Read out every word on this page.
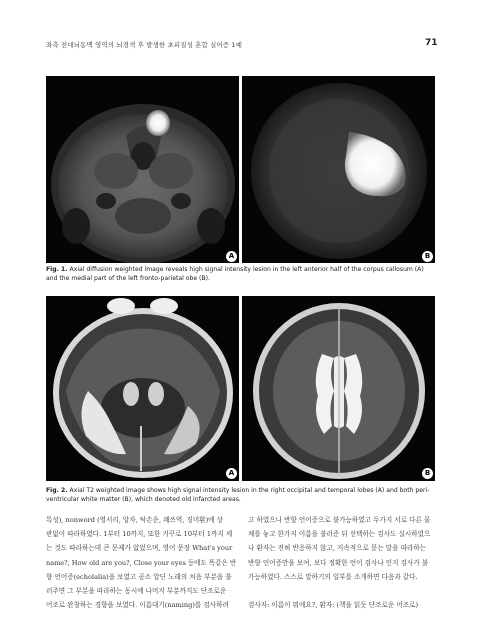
좌측 전대뇌동맥 영역의 뇌경색 후 발생한 초피질성 혼합 실어증 1예	71
A	B
Fig. 1. Axial diffusion weighted image reveals high signal intensity lesion in the left anterior half of the corpus callosum (A) and the medial part of the left fronto-parietal obe (B).
A	B
Fig. 2. Axial T2 weighted image shows high signal intensity lesion in the right occipital and temporal lobes (A) and both peri-ventricular white matter (B), which denoted old infarcted areas.

특성), nonword (영서리, 앙자, 탁손운, 쾌쓰역, 징미환)에 상

관없이 따라하였다. 1부터 10까지, 또한 거꾸로 10부터 1까지 세

는 것도 따라하는데 큰 문제가 없었으며, 영어 문장 What's your

name?, How old are you?, Close your eyes 등에도 똑같은 반

향 언어증(echolalia)을 보였고 곰소 알딘 노래의 처음 부분을 불

러주면 그 부분을 따라하는 동시에 나머지 부분까지도 단조로운

어조로 완창하는 경향을 보였다. 이름대기(naming)를 검사하려

고 하였으나 반향 언어증으로 불가능하였고 두가지 서로 다른 물

체를 놓고 한가지 이름을 불러준 뒤 선택하는 검사도 실시하였으

나 환자는 전혀 반응하지 않고, 지속적으로 묻는 말을 따라하는

반향 언어증만을 보여, 보다 정확한 언어 검사나 인지 검사가 불

가능하였다. 스스로 말하기의 일부를 소개하면 다음과 같다.

검사자: 이름이 뭐에요?, 환자: (책을 읽듯 단조로운 어조로)
